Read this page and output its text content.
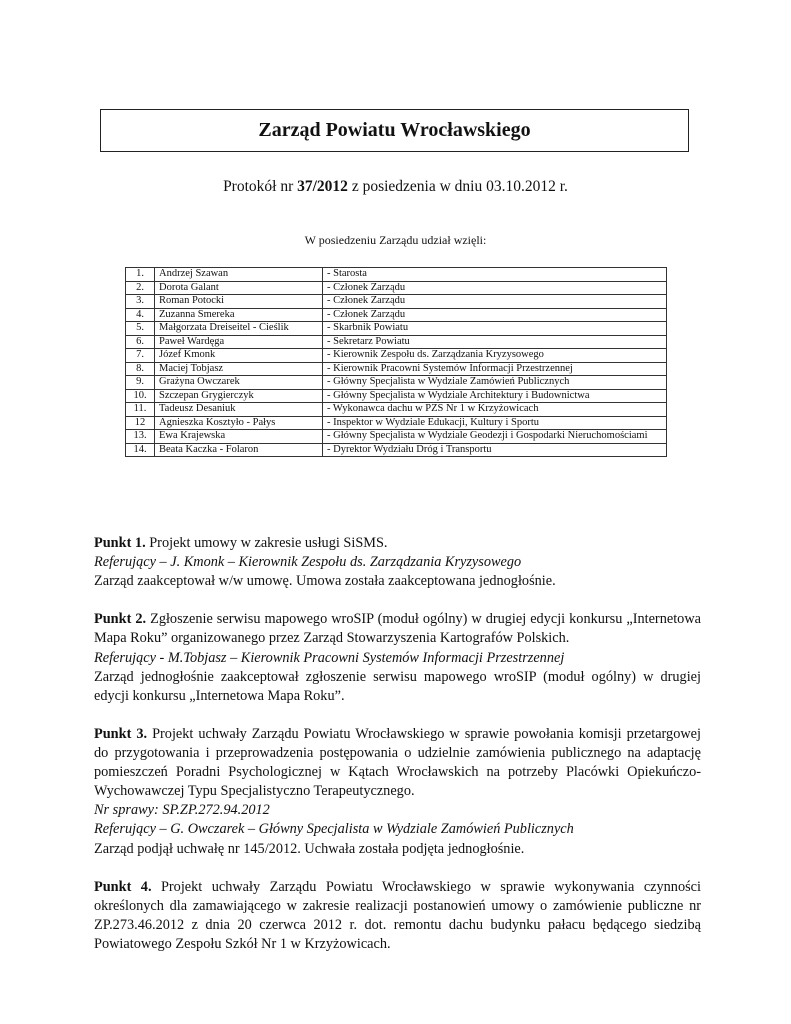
Zarząd Powiatu Wrocławskiego
Protokół nr 37/2012 z posiedzenia w dniu 03.10.2012 r.
W posiedzeniu Zarządu udział wzięli:
1.	Andrzej Szawan	- Starosta
2.	Dorota Galant	- Członek Zarządu
3.	Roman Potocki	- Członek Zarządu
4.	Zuzanna Smereka	- Członek Zarządu
5.	Małgorzata Dreiseitel - Cieślik	- Skarbnik Powiatu
6.	Paweł Wardęga	- Sekretarz Powiatu
7.	Józef Kmonk	- Kierownik Zespołu ds. Zarządzania Kryzysowego
8.	Maciej Tobjasz	- Kierownik Pracowni Systemów Informacji Przestrzennej
9.	Grażyna Owczarek	- Główny Specjalista w Wydziale Zamówień Publicznych
10.	Szczepan Grygierczyk	- Główny Specjalista w Wydziale Architektury i Budownictwa
11.	Tadeusz Desaniuk	- Wykonawca dachu w PZS Nr 1 w Krzyżowicach
12	Agnieszka Kosztyło - Pałys	- Inspektor w Wydziale Edukacji, Kultury i Sportu
13.	Ewa Krajewska	- Główny Specjalista w Wydziale Geodezji i Gospodarki Nieruchomościami
14.	Beata Kaczka - Folaron	- Dyrektor Wydziału Dróg i Transportu

Punkt 1. Projekt umowy w zakresie usługi SiSMS.

Referujący – J. Kmonk – Kierownik Zespołu ds. Zarządzania Kryzysowego

Zarząd zaakceptował w/w umowę. Umowa została zaakceptowana jednogłośnie.

Punkt 2. Zgłoszenie serwisu mapowego wroSIP (moduł ogólny) w drugiej edycji konkursu „Internetowa Mapa Roku” organizowanego przez Zarząd Stowarzyszenia Kartografów Polskich.

Referujący - M.Tobjasz – Kierownik Pracowni Systemów Informacji Przestrzennej

Zarząd jednogłośnie zaakceptował zgłoszenie serwisu mapowego wroSIP (moduł ogólny) w drugiej edycji konkursu „Internetowa Mapa Roku”.

Punkt 3. Projekt uchwały Zarządu Powiatu Wrocławskiego w sprawie powołania komisji przetargowej do przygotowania i przeprowadzenia postępowania o udzielnie zamówienia publicznego na adaptację pomieszczeń Poradni Psychologicznej w Kątach Wrocławskich na potrzeby Placówki Opiekuńczo-Wychowawczej Typu Specjalistyczno Terapeutycznego.

Nr sprawy: SP.ZP.272.94.2012

Referujący – G. Owczarek – Główny Specjalista w Wydziale Zamówień Publicznych

Zarząd podjął uchwałę nr 145/2012. Uchwała została podjęta jednogłośnie.

Punkt 4. Projekt uchwały Zarządu Powiatu Wrocławskiego w sprawie wykonywania czynności określonych dla zamawiającego w zakresie realizacji postanowień umowy o zamówienie publiczne nr ZP.273.46.2012 z dnia 20 czerwca 2012 r. dot. remontu dachu budynku pałacu będącego siedzibą Powiatowego Zespołu Szkół Nr 1 w Krzyżowicach.
